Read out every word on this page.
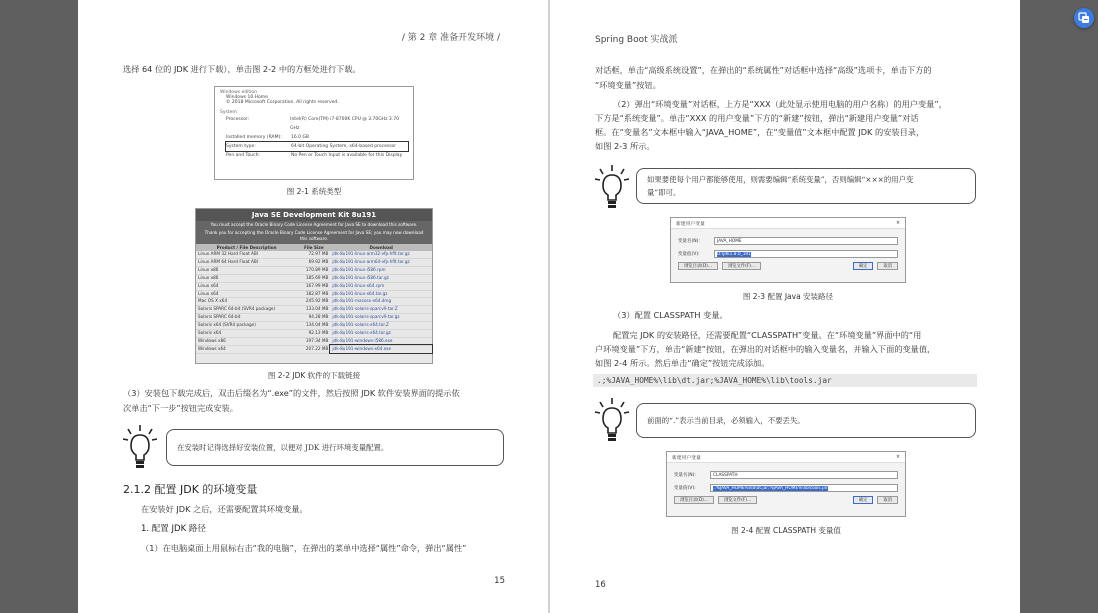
/ 第 2 章 准备开发环境 /
选择 64 位的 JDK 进行下载），单击图 2-2 中的方框处进行下载。
Windows edition
Windows 10 Home
© 2018 Microsoft Corporation. All rights reserved.
System
Processor:	Intel(R) Core(TM) i7-8700K CPU @ 3.70GHz 3.70 GHz
Installed memory (RAM):	16.0 GB
System type:	64-bit Operating System, x64-based processor
Pen and Touch:	No Pen or Touch Input is available for this Display
图 2-1 系统类型
Java SE Development Kit 8u191
You must accept the Oracle Binary Code License Agreement for Java SE to download this software.
Thank you for accepting the Oracle Binary Code License Agreement for Java SE; you may now download this software.
Product / File Description	File Size	Download
Linux ARM 32 Hard Float ABI	72.97 MB	jdk-8u191-linux-arm32-vfp-hflt.tar.gz
Linux ARM 64 Hard Float ABI	69.92 MB	jdk-8u191-linux-arm64-vfp-hflt.tar.gz
Linux x86	170.89 MB	jdk-8u191-linux-i586.rpm
Linux x86	185.69 MB	jdk-8u191-linux-i586.tar.gz
Linux x64	167.99 MB	jdk-8u191-linux-x64.rpm
Linux x64	182.87 MB	jdk-8u191-linux-x64.tar.gz
Mac OS X x64	245.92 MB	jdk-8u191-macosx-x64.dmg
Solaris SPARC 64-bit (SVR4 package)	133.04 MB	jdk-8u191-solaris-sparcv9.tar.Z
Solaris SPARC 64-bit	94.28 MB	jdk-8u191-solaris-sparcv9.tar.gz
Solaris x64 (SVR4 package)	134.04 MB	jdk-8u191-solaris-x64.tar.Z
Solaris x64	92.13 MB	jdk-8u191-solaris-x64.tar.gz
Windows x86	197.34 MB	jdk-8u191-windows-i586.exe
Windows x64	207.22 MB	jdk-8u191-windows-x64.exe
图 2-2 JDK 软件的下载链接
（3）安装包下载完成后，双击后缀名为“.exe”的文件，然后按照 JDK 软件安装界面的提示依
次单击“下一步”按钮完成安装。
在安装时记得选择好安装位置，以便对 JDK 进行环境变量配置。
2.1.2 配置 JDK 的环境变量
在安装好 JDK 之后，还需要配置其环境变量。
1. 配置 JDK 路径
（1）在电脑桌面上用鼠标右击“我的电脑”，在弹出的菜单中选择“属性”命令，弹出“属性”
15
Spring Boot 实战派
对话框，单击“高级系统设置”，在弹出的“系统属性”对话框中选择“高级”选项卡，单击下方的
“环境变量”按钮。
（2）弹出“环境变量”对话框，上方是“XXX（此处显示使用电脑的用户名称）的用户变量”，
下方是“系统变量”。单击“XXX 的用户变量”下方的“新建”按钮，弹出“新建用户变量”对话
框。在“变量名”文本框中输入“JAVA_HOME”，在“变量值”文本框中配置 JDK 的安装目录，
如图 2-3 所示。
如果要使每个用户都能够使用，则需要编辑“系统变量”，否则编辑“×××的用户变
量”即可。
新建用户变量	×
变量名(N):	JAVA_HOME
变量值(V):	D:\jdk1.8.0_191
浏览目录(D)...	浏览文件(F)...	确定	取消
图 2-3 配置 Java 安装路径
（3）配置 CLASSPATH 变量。
配置完 JDK 的安装路径，还需要配置“CLASSPATH”变量。在“环境变量”界面中的“用
户环境变量”下方，单击“新建”按钮，在弹出的对话框中的输入变量名，并输入下面的变量值，
如图 2-4 所示。然后单击“确定”按钮完成添加。
.;%JAVA_HOME%\lib\dt.jar;%JAVA_HOME%\lib\tools.jar
前面的“.”表示当前目录，必须输入，不要丢失。
新建用户变量	×
变量名(N):	CLASSPATH
变量值(V):	.;%JAVA_HOME%\lib\dt.jar;%JAVA_HOME%\lib\tools.jar
浏览目录(D)...	浏览文件(F)...	确定	取消
图 2-4 配置 CLASSPATH 变量值
16
